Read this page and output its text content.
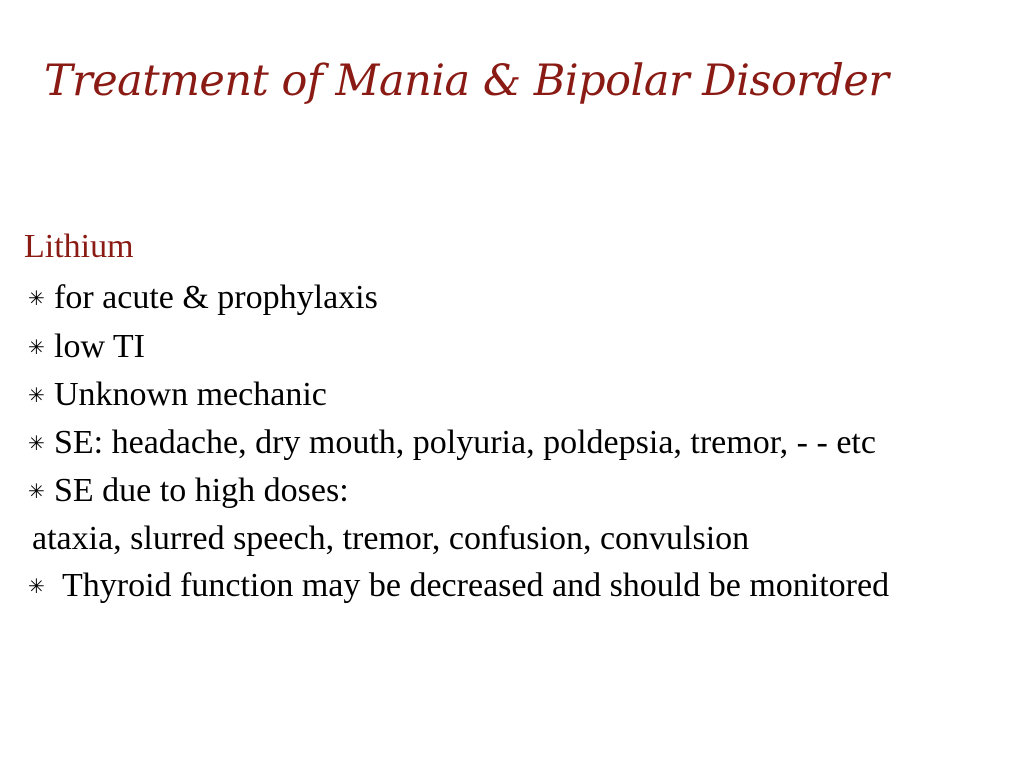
Treatment of Mania & Bipolar Disorder
Lithium
✳ for acute & prophylaxis
✳ low TI
✳ Unknown mechanic
✳ SE: headache, dry mouth, polyuria, poldepsia, tremor, - - etc
✳ SE due to high doses:
ataxia, slurred speech, tremor, confusion, convulsion
✳ Thyroid function may be decreased and should be monitored
